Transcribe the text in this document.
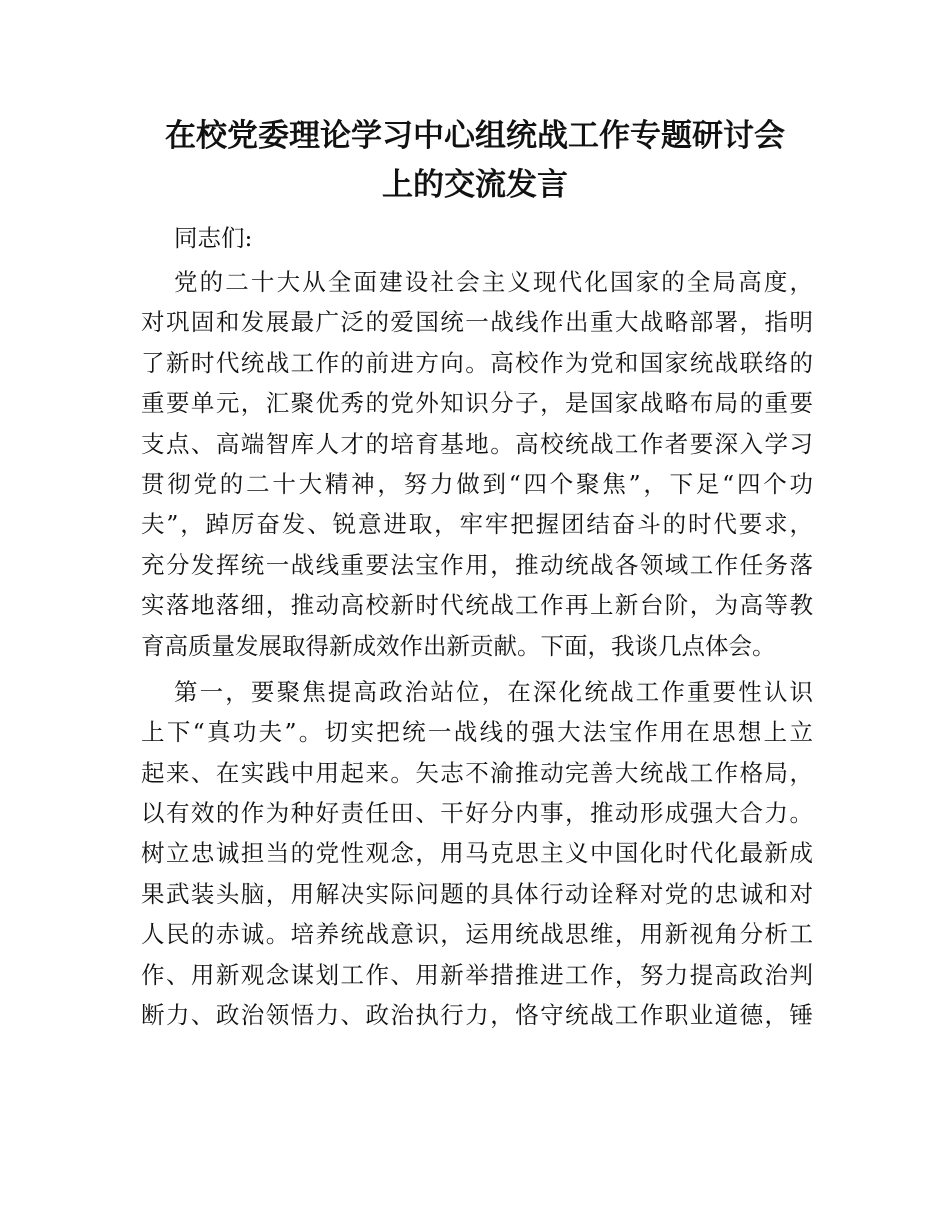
在校党委理论学习中心组统战工作专题研讨会
上的交流发言
同志们:
党的二十大从全面建设社会主义现代化国家的全局高度，
对巩固和发展最广泛的爱国统一战线作出重大战略部署，指明
了新时代统战工作的前进方向。高校作为党和国家统战联络的
重要单元，汇聚优秀的党外知识分子，是国家战略布局的重要
支点、高端智库人才的培育基地。高校统战工作者要深入学习
贯彻党的二十大精神，努力做到“四个聚焦”，下足“四个功
夫”，踔厉奋发、锐意进取，牢牢把握团结奋斗的时代要求，
充分发挥统一战线重要法宝作用，推动统战各领域工作任务落
实落地落细，推动高校新时代统战工作再上新台阶，为高等教
育高质量发展取得新成效作出新贡献。下面，我谈几点体会。
第一，要聚焦提高政治站位，在深化统战工作重要性认识
上下“真功夫”。切实把统一战线的强大法宝作用在思想上立
起来、在实践中用起来。矢志不渝推动完善大统战工作格局，
以有效的作为种好责任田、干好分内事，推动形成强大合力。
树立忠诚担当的党性观念，用马克思主义中国化时代化最新成
果武装头脑，用解决实际问题的具体行动诠释对党的忠诚和对
人民的赤诚。培养统战意识，运用统战思维，用新视角分析工
作、用新观念谋划工作、用新举措推进工作，努力提高政治判
断力、政治领悟力、政治执行力，恪守统战工作职业道德，锤
